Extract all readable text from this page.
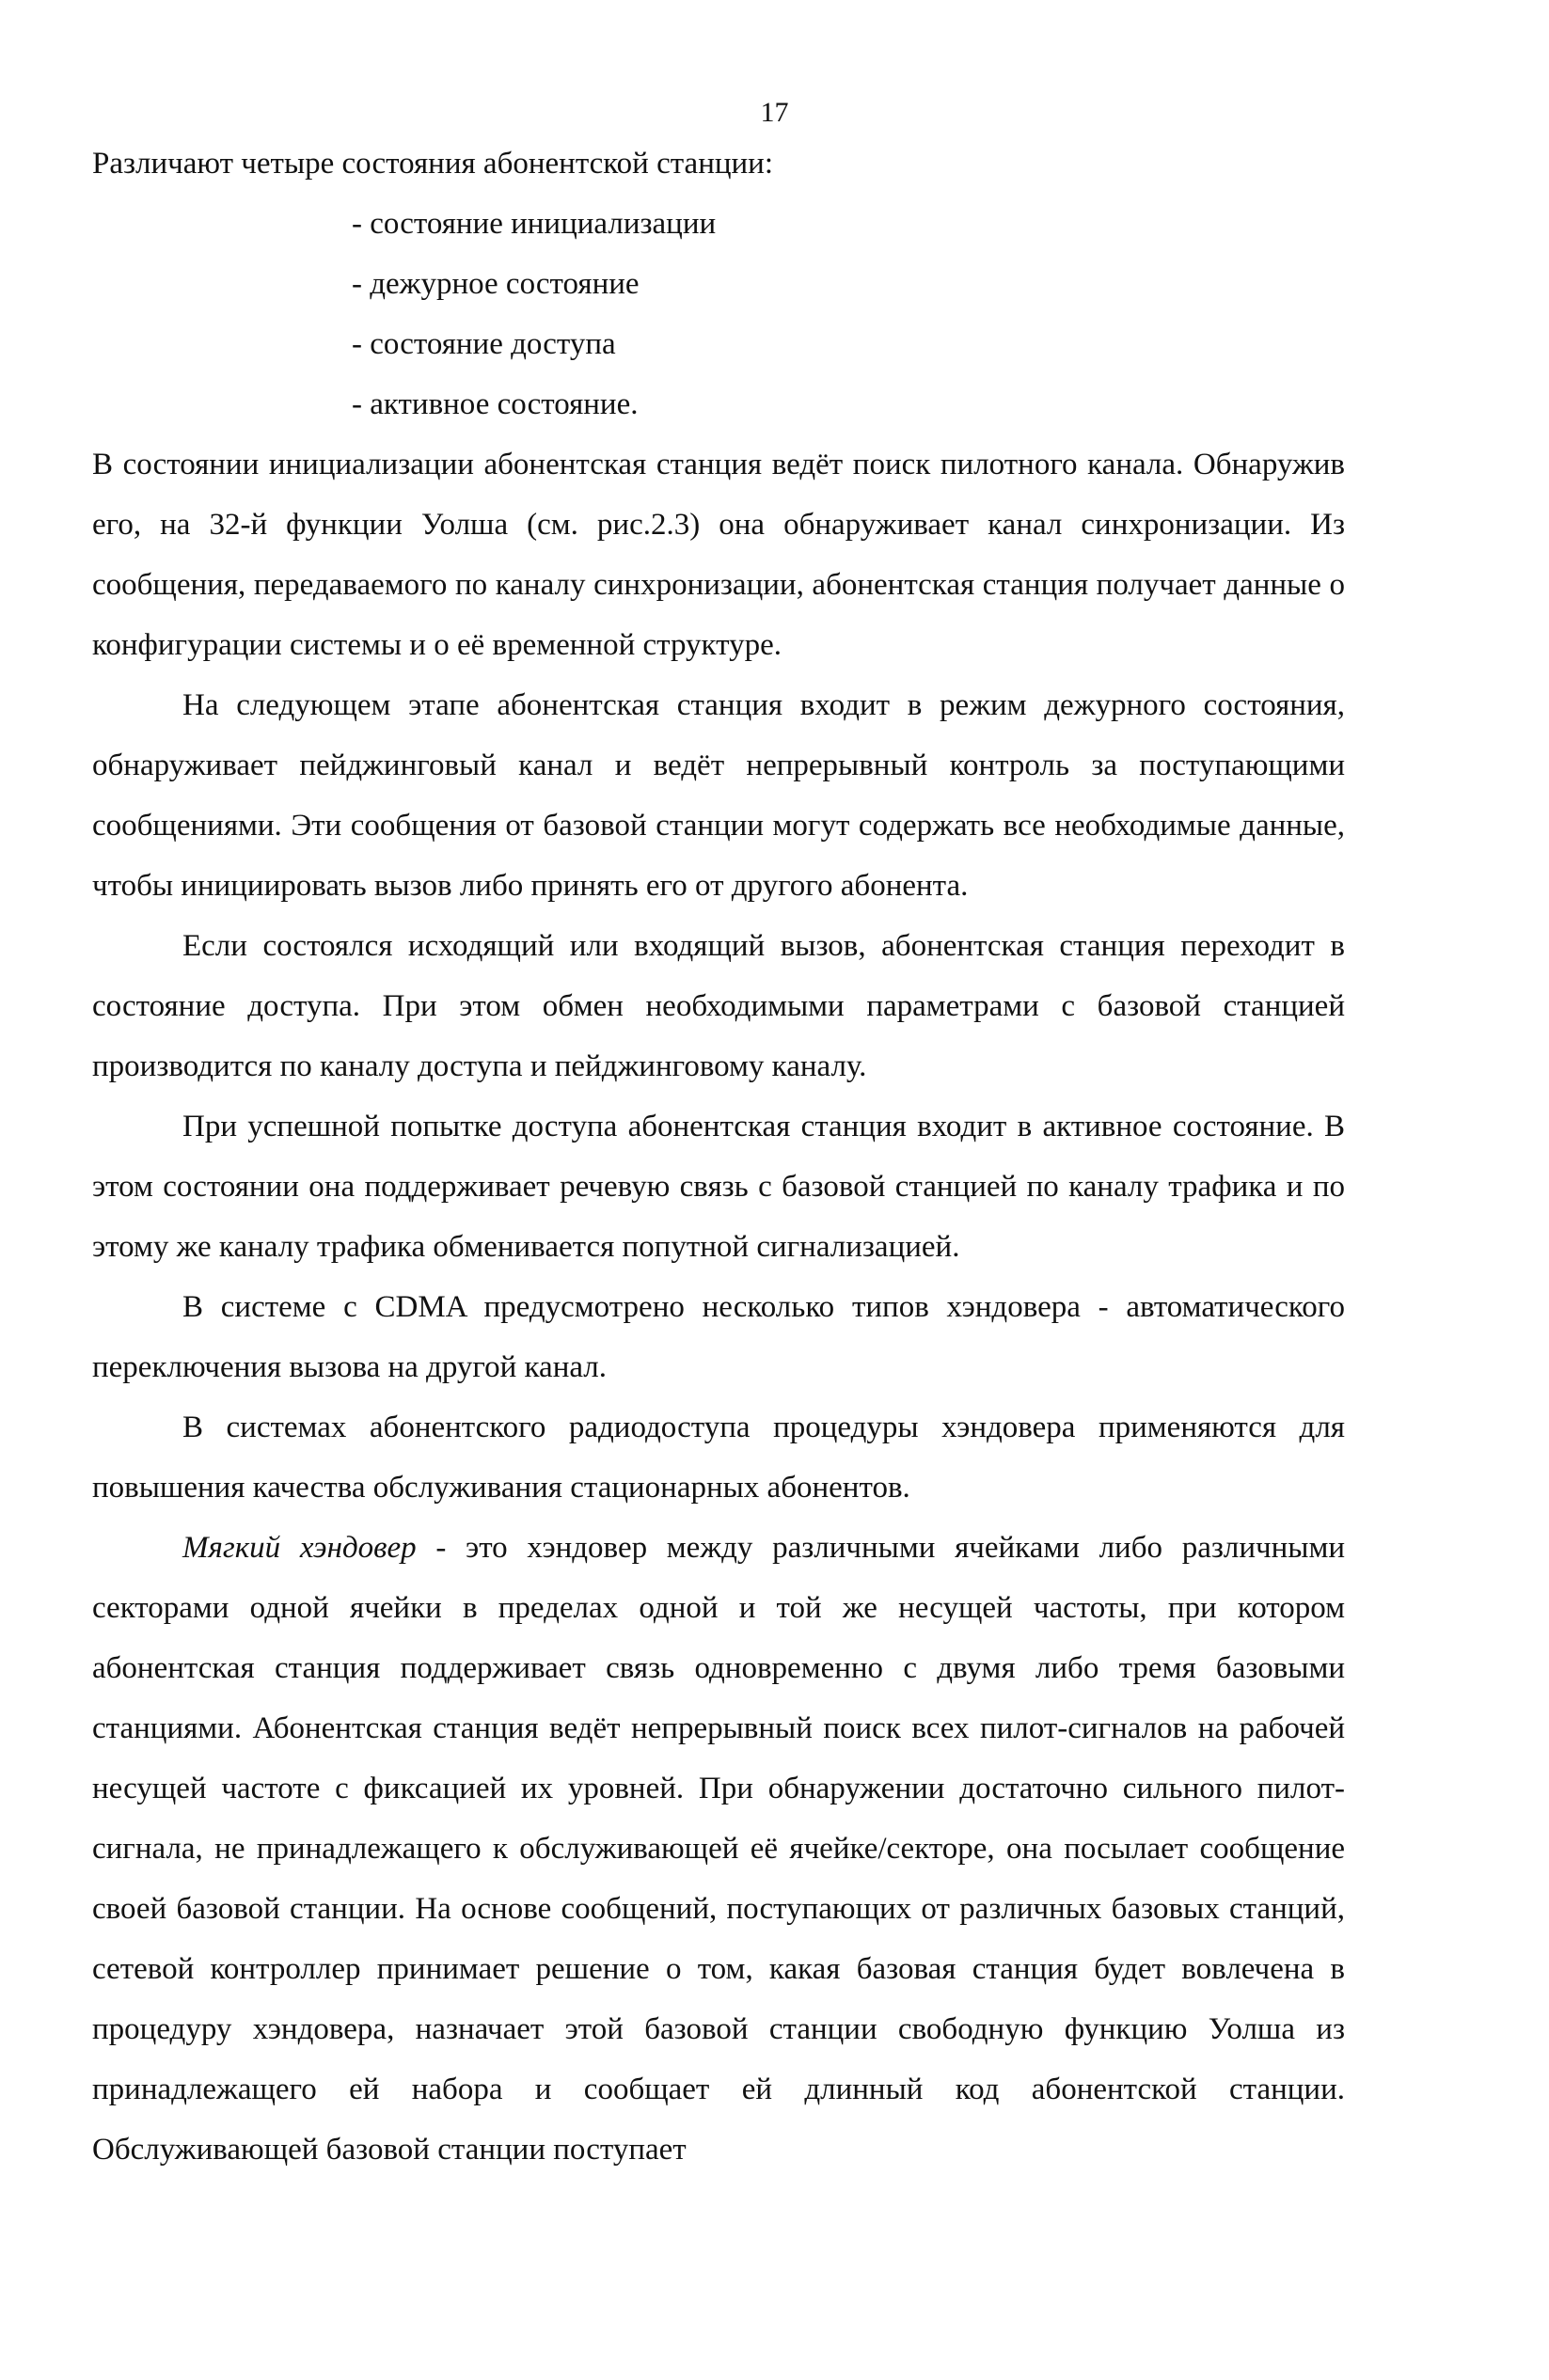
17

Различают четыре состояния абонентской станции:

- состояние инициализации
- дежурное состояние
- состояние доступа
- активное состояние.

В состоянии инициализации абонентская станция ведёт поиск пилотного канала. Обнаружив его, на 32-й функции Уолша (см. рис.2.3) она обнаруживает канал синхронизации. Из сообщения, передаваемого по каналу синхронизации, абонентская станция получает данные о конфигурации системы и о её временной структуре.

На следующем этапе абонентская станция входит в режим дежурного состояния, обнаруживает пейджинговый канал и ведёт непрерывный контроль за поступающими сообщениями. Эти сообщения от базовой станции могут содержать все необходимые данные, чтобы инициировать вызов либо принять его от другого абонента.

Если состоялся исходящий или входящий вызов, абонентская станция переходит в состояние доступа. При этом обмен необходимыми параметрами с базовой станцией производится по каналу доступа и пейджинговому каналу.

При успешной попытке доступа абонентская станция входит в активное состояние. В этом состоянии она поддерживает речевую связь с базовой станцией по каналу трафика и по этому же каналу трафика обменивается попутной сигнализацией.

В системе с CDMA предусмотрено несколько типов хэндовера - автоматического переключения вызова на другой канал.

В системах абонентского радиодоступа процедуры хэндовера применяются для повышения качества обслуживания стационарных абонентов.

Мягкий хэндовер - это хэндовер между различными ячейками либо различными секторами одной ячейки в пределах одной и той же несущей частоты, при котором абонентская станция поддерживает связь одновременно с двумя либо тремя базовыми станциями. Абонентская станция ведёт непрерывный поиск всех пилот-сигналов на рабочей несущей частоте с фиксацией их уровней. При обнаружении достаточно сильного пилот-сигнала, не принадлежащего к обслуживающей её ячейке/секторе, она посылает сообщение своей базовой станции. На основе сообщений, поступающих от различных базовых станций, сетевой контроллер принимает решение о том, какая базовая станция будет вовлечена в процедуру хэндовера, назначает этой базовой станции свободную функцию Уолша из принадлежащего ей набора и сообщает ей длинный код абонентской станции. Обслуживающей базовой станции поступает
